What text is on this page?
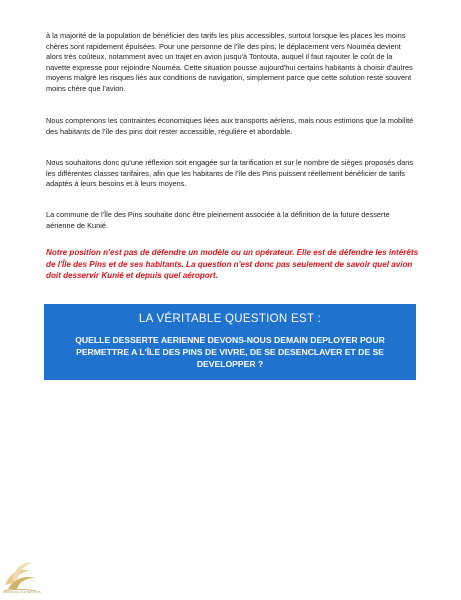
à la majorité de la population de bénéficier des tarifs les plus accessibles, surtout lorsque les places les moins chères sont rapidement épuisées. Pour une personne de l'île des pins, le déplacement vers Nouméa devient alors très coûteux, notamment avec un trajet en avion jusqu'à Tontouta, auquel il faut rajouter le coût de la navette expresse pour rejoindre Nouméa. Cette situation pousse aujourd'hui certains habitants à choisir d'autres moyens malgré les risques liés aux conditions de navigation, simplement parce que cette solution reste souvent moins chère que l'avion.

Nous comprenons les contraintes économiques liées aux transports aériens, mais nous estimons que la mobilité des habitants de l'île des pins doit rester accessible, régulière et abordable.

Nous souhaitons donc qu'une réflexion soit engagée sur la tarification et sur le nombre de sièges proposés dans les différentes classes tarifaires, afin que les habitants de l'île des Pins puissent réellement bénéficier de tarifs adaptés à leurs besoins et à leurs moyens.

La commune de l'Île des Pins souhaite donc être pleinement associée à la définition de la future desserte aérienne de Kunié.

Notre position n'est pas de défendre un modèle ou un opérateur. Elle est de défendre les intérêts de l'Île des Pins et de ses habitants. La question n'est donc pas seulement de savoir quel avion doit desservir Kunié et depuis quel aéroport.

LA VÉRITABLE QUESTION EST :
QUELLE DESSERTE AERIENNE DEVONS-NOUS DEMAIN DEPLOYER POUR PERMETTRE A L'ÎLE DES PINS DE VIVRE, DE SE DESENCLAVER ET DE SE DEVELOPPER ?
MAIRIE DE L'ÎLE DES PINS
